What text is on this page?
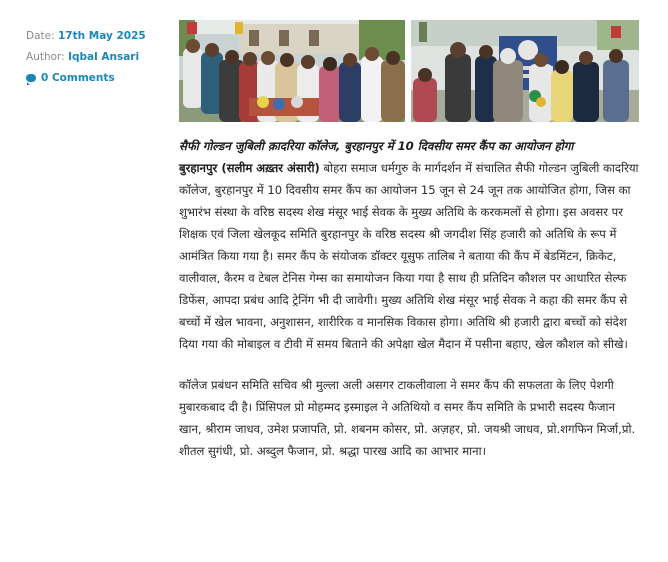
Date: 17th May 2025
Author: Iqbal Ansari
0 Comments
सैफी गोल्डन जुबिली क़ादरिया कॉलेज, बुरहानपुर में 10 दिवसीय समर कैंप का आयोजन होगा

बुरहानपुर (सलीम अख़्तर अंसारी) बोहरा समाज धर्मगुरु के मार्गदर्शन में संचालित सैफी गोल्डन जुबिली कादरिया कॉलेज, बुरहानपुर में 10 दिवसीय समर कैंप का आयोजन 15 जून से 24 जून तक आयोजित होगा, जिस का शुभारंभ संस्था के वरिष्ठ सदस्य शेख मंसूर भाई सेवक के मुख्य अतिथि के करकमलों से होगा। इस अवसर पर शिक्षक एवं जिला खेलकूद समिति बुरहानपुर के वरिष्ठ सदस्य श्री जगदीश सिंह हजारी को अतिथि के रूप में आमंत्रित किया गया है। समर कैंप के संयोजक डॉक्टर यूसुफ तालिब ने बताया की कैंप में बेडमिंटन, क्रिकेट, वालीवाल, कैरम व टेबल टेनिस गेम्स का समायोजन किया गया है साथ ही प्रतिदिन कौशल पर आधारित सेल्फ डिफेंस, आपदा प्रबंध आदि ट्रेनिंग भी दी जावेगी। मुख्य अतिथि शेख मंसूर भाई सेवक ने कहा की समर कैंप से बच्चों में खेल भावना, अनुशासन, शारीरिक व मानसिक विकास होगा। अतिथि श्री हजारी द्वारा बच्चों को संदेश दिया गया की मोबाइल व टीवी में समय बिताने की अपेक्षा खेल मैदान में पसीना बहाए, खेल कौशल को सीखे।

कॉलेज प्रबंधन समिति सचिव श्री मुल्ला अली असगर टाकलीवाला ने समर कैंप की सफलता के लिए पेशगी मुबारकबाद दी है। प्रिंसिपल प्रो मोहम्मद इस्माइल ने अतिथियो व समर कैंप समिति के प्रभारी सदस्य फैजान खान, श्रीराम जाधव, उमेश प्रजापति, प्रो. शबनम कोसर, प्रो. अज़हर, प्रो. जयश्री जाधव, प्रो.शगफिन मिर्जा,प्रो. शीतल सुगंधी, प्रो. अब्दुल फैजान, प्रो. श्रद्धा पारख आदि का आभार माना।
